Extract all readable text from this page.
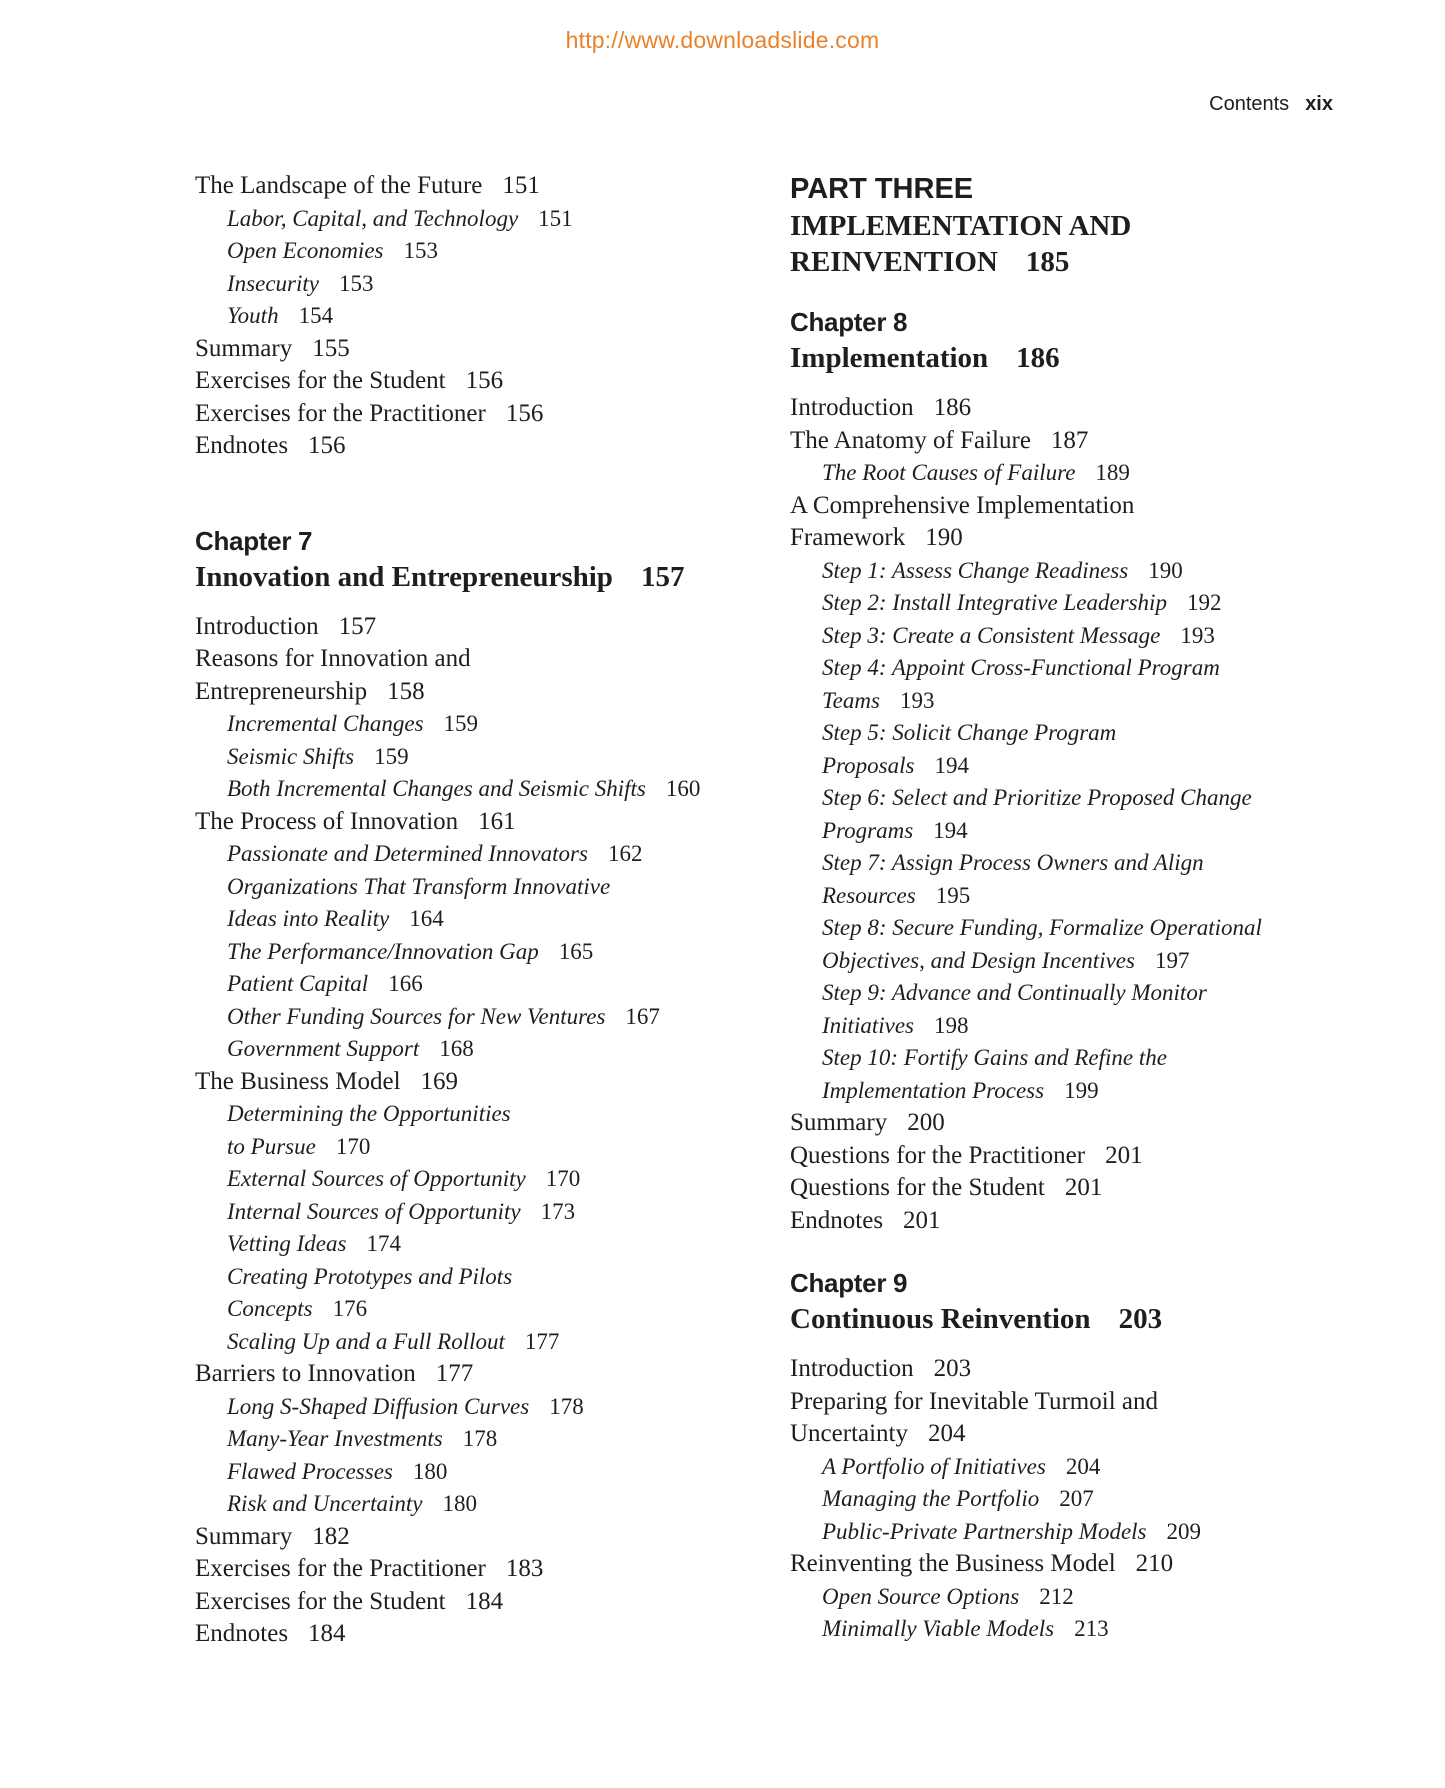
http://www.downloadslide.com
Contents xix
The Landscape of the Future 151
Labor, Capital, and Technology 151
Open Economies 153
Insecurity 153
Youth 154
Summary 155
Exercises for the Student 156
Exercises for the Practitioner 156
Endnotes 156
Chapter 7
Innovation and Entrepreneurship 157
Introduction 157
Reasons for Innovation and
Entrepreneurship 158
Incremental Changes 159
Seismic Shifts 159
Both Incremental Changes and Seismic Shifts 160
The Process of Innovation 161
Passionate and Determined Innovators 162
Organizations That Transform Innovative
Ideas into Reality 164
The Performance/Innovation Gap 165
Patient Capital 166
Other Funding Sources for New Ventures 167
Government Support 168
The Business Model 169
Determining the Opportunities
to Pursue 170
External Sources of Opportunity 170
Internal Sources of Opportunity 173
Vetting Ideas 174
Creating Prototypes and Pilots
Concepts 176
Scaling Up and a Full Rollout 177
Barriers to Innovation 177
Long S-Shaped Diffusion Curves 178
Many-Year Investments 178
Flawed Processes 180
Risk and Uncertainty 180
Summary 182
Exercises for the Practitioner 183
Exercises for the Student 184
Endnotes 184
PART THREE
IMPLEMENTATION AND
REINVENTION 185
Chapter 8
Implementation 186
Introduction 186
The Anatomy of Failure 187
The Root Causes of Failure 189
A Comprehensive Implementation
Framework 190
Step 1: Assess Change Readiness 190
Step 2: Install Integrative Leadership 192
Step 3: Create a Consistent Message 193
Step 4: Appoint Cross-Functional Program
Teams 193
Step 5: Solicit Change Program
Proposals 194
Step 6: Select and Prioritize Proposed Change
Programs 194
Step 7: Assign Process Owners and Align
Resources 195
Step 8: Secure Funding, Formalize Operational
Objectives, and Design Incentives 197
Step 9: Advance and Continually Monitor
Initiatives 198
Step 10: Fortify Gains and Refine the
Implementation Process 199
Summary 200
Questions for the Practitioner 201
Questions for the Student 201
Endnotes 201
Chapter 9
Continuous Reinvention 203
Introduction 203
Preparing for Inevitable Turmoil and
Uncertainty 204
A Portfolio of Initiatives 204
Managing the Portfolio 207
Public-Private Partnership Models 209
Reinventing the Business Model 210
Open Source Options 212
Minimally Viable Models 213
